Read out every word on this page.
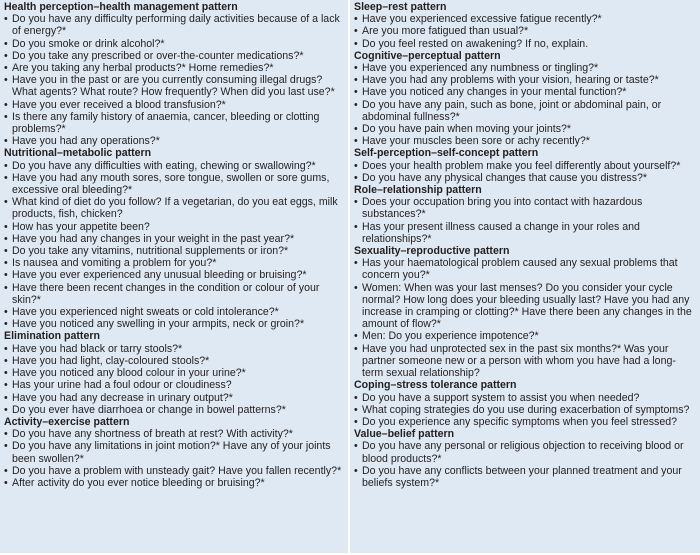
Health perception–health management pattern
• Do you have any difficulty performing daily activities because of a lack of energy?*
• Do you smoke or drink alcohol?*
• Do you take any prescribed or over-the-counter medications?*
• Are you taking any herbal products?* Home remedies?*
• Have you in the past or are you currently consuming illegal drugs? What agents? What route? How frequently? When did you last use?*
• Have you ever received a blood transfusion?*
• Is there any family history of anaemia, cancer, bleeding or clotting problems?*
• Have you had any operations?*
Nutritional–metabolic pattern
• Do you have any difficulties with eating, chewing or swallowing?*
• Have you had any mouth sores, sore tongue, swollen or sore gums, excessive oral bleeding?*
• What kind of diet do you follow? If a vegetarian, do you eat eggs, milk products, fish, chicken?
• How has your appetite been?
• Have you had any changes in your weight in the past year?*
• Do you take any vitamins, nutritional supplements or iron?*
• Is nausea and vomiting a problem for you?*
• Have you ever experienced any unusual bleeding or bruising?*
• Have there been recent changes in the condition or colour of your skin?*
• Have you experienced night sweats or cold intolerance?*
• Have you noticed any swelling in your armpits, neck or groin?*
Elimination pattern
• Have you had black or tarry stools?*
• Have you had light, clay-coloured stools?*
• Have you noticed any blood colour in your urine?*
• Has your urine had a foul odour or cloudiness?
• Have you had any decrease in urinary output?*
• Do you ever have diarrhoea or change in bowel patterns?*
Activity–exercise pattern
• Do you have any shortness of breath at rest? With activity?*
• Do you have any limitations in joint motion?* Have any of your joints been swollen?*
• Do you have a problem with unsteady gait? Have you fallen recently?*
• After activity do you ever notice bleeding or bruising?*
Sleep–rest pattern
• Have you experienced excessive fatigue recently?*
• Are you more fatigued than usual?*
• Do you feel rested on awakening? If no, explain.
Cognitive–perceptual pattern
• Have you experienced any numbness or tingling?*
• Have you had any problems with your vision, hearing or taste?*
• Have you noticed any changes in your mental function?*
• Do you have any pain, such as bone, joint or abdominal pain, or abdominal fullness?*
• Do you have pain when moving your joints?*
• Have your muscles been sore or achy recently?*
Self-perception–self-concept pattern
• Does your health problem make you feel differently about yourself?*
• Do you have any physical changes that cause you distress?*
Role–relationship pattern
• Does your occupation bring you into contact with hazardous substances?*
• Has your present illness caused a change in your roles and relationships?*
Sexuality–reproductive pattern
• Has your haematological problem caused any sexual problems that concern you?*
• Women: When was your last menses? Do you consider your cycle normal? How long does your bleeding usually last? Have you had any increase in cramping or clotting?* Have there been any changes in the amount of flow?*
• Men: Do you experience impotence?*
• Have you had unprotected sex in the past six months?* Was your partner someone new or a person with whom you have had a long-term sexual relationship?
Coping–stress tolerance pattern
• Do you have a support system to assist you when needed?
• What coping strategies do you use during exacerbation of symptoms?
• Do you experience any specific symptoms when you feel stressed?
Value–belief pattern
• Do you have any personal or religious objection to receiving blood or blood products?*
• Do you have any conflicts between your planned treatment and your beliefs system?*
